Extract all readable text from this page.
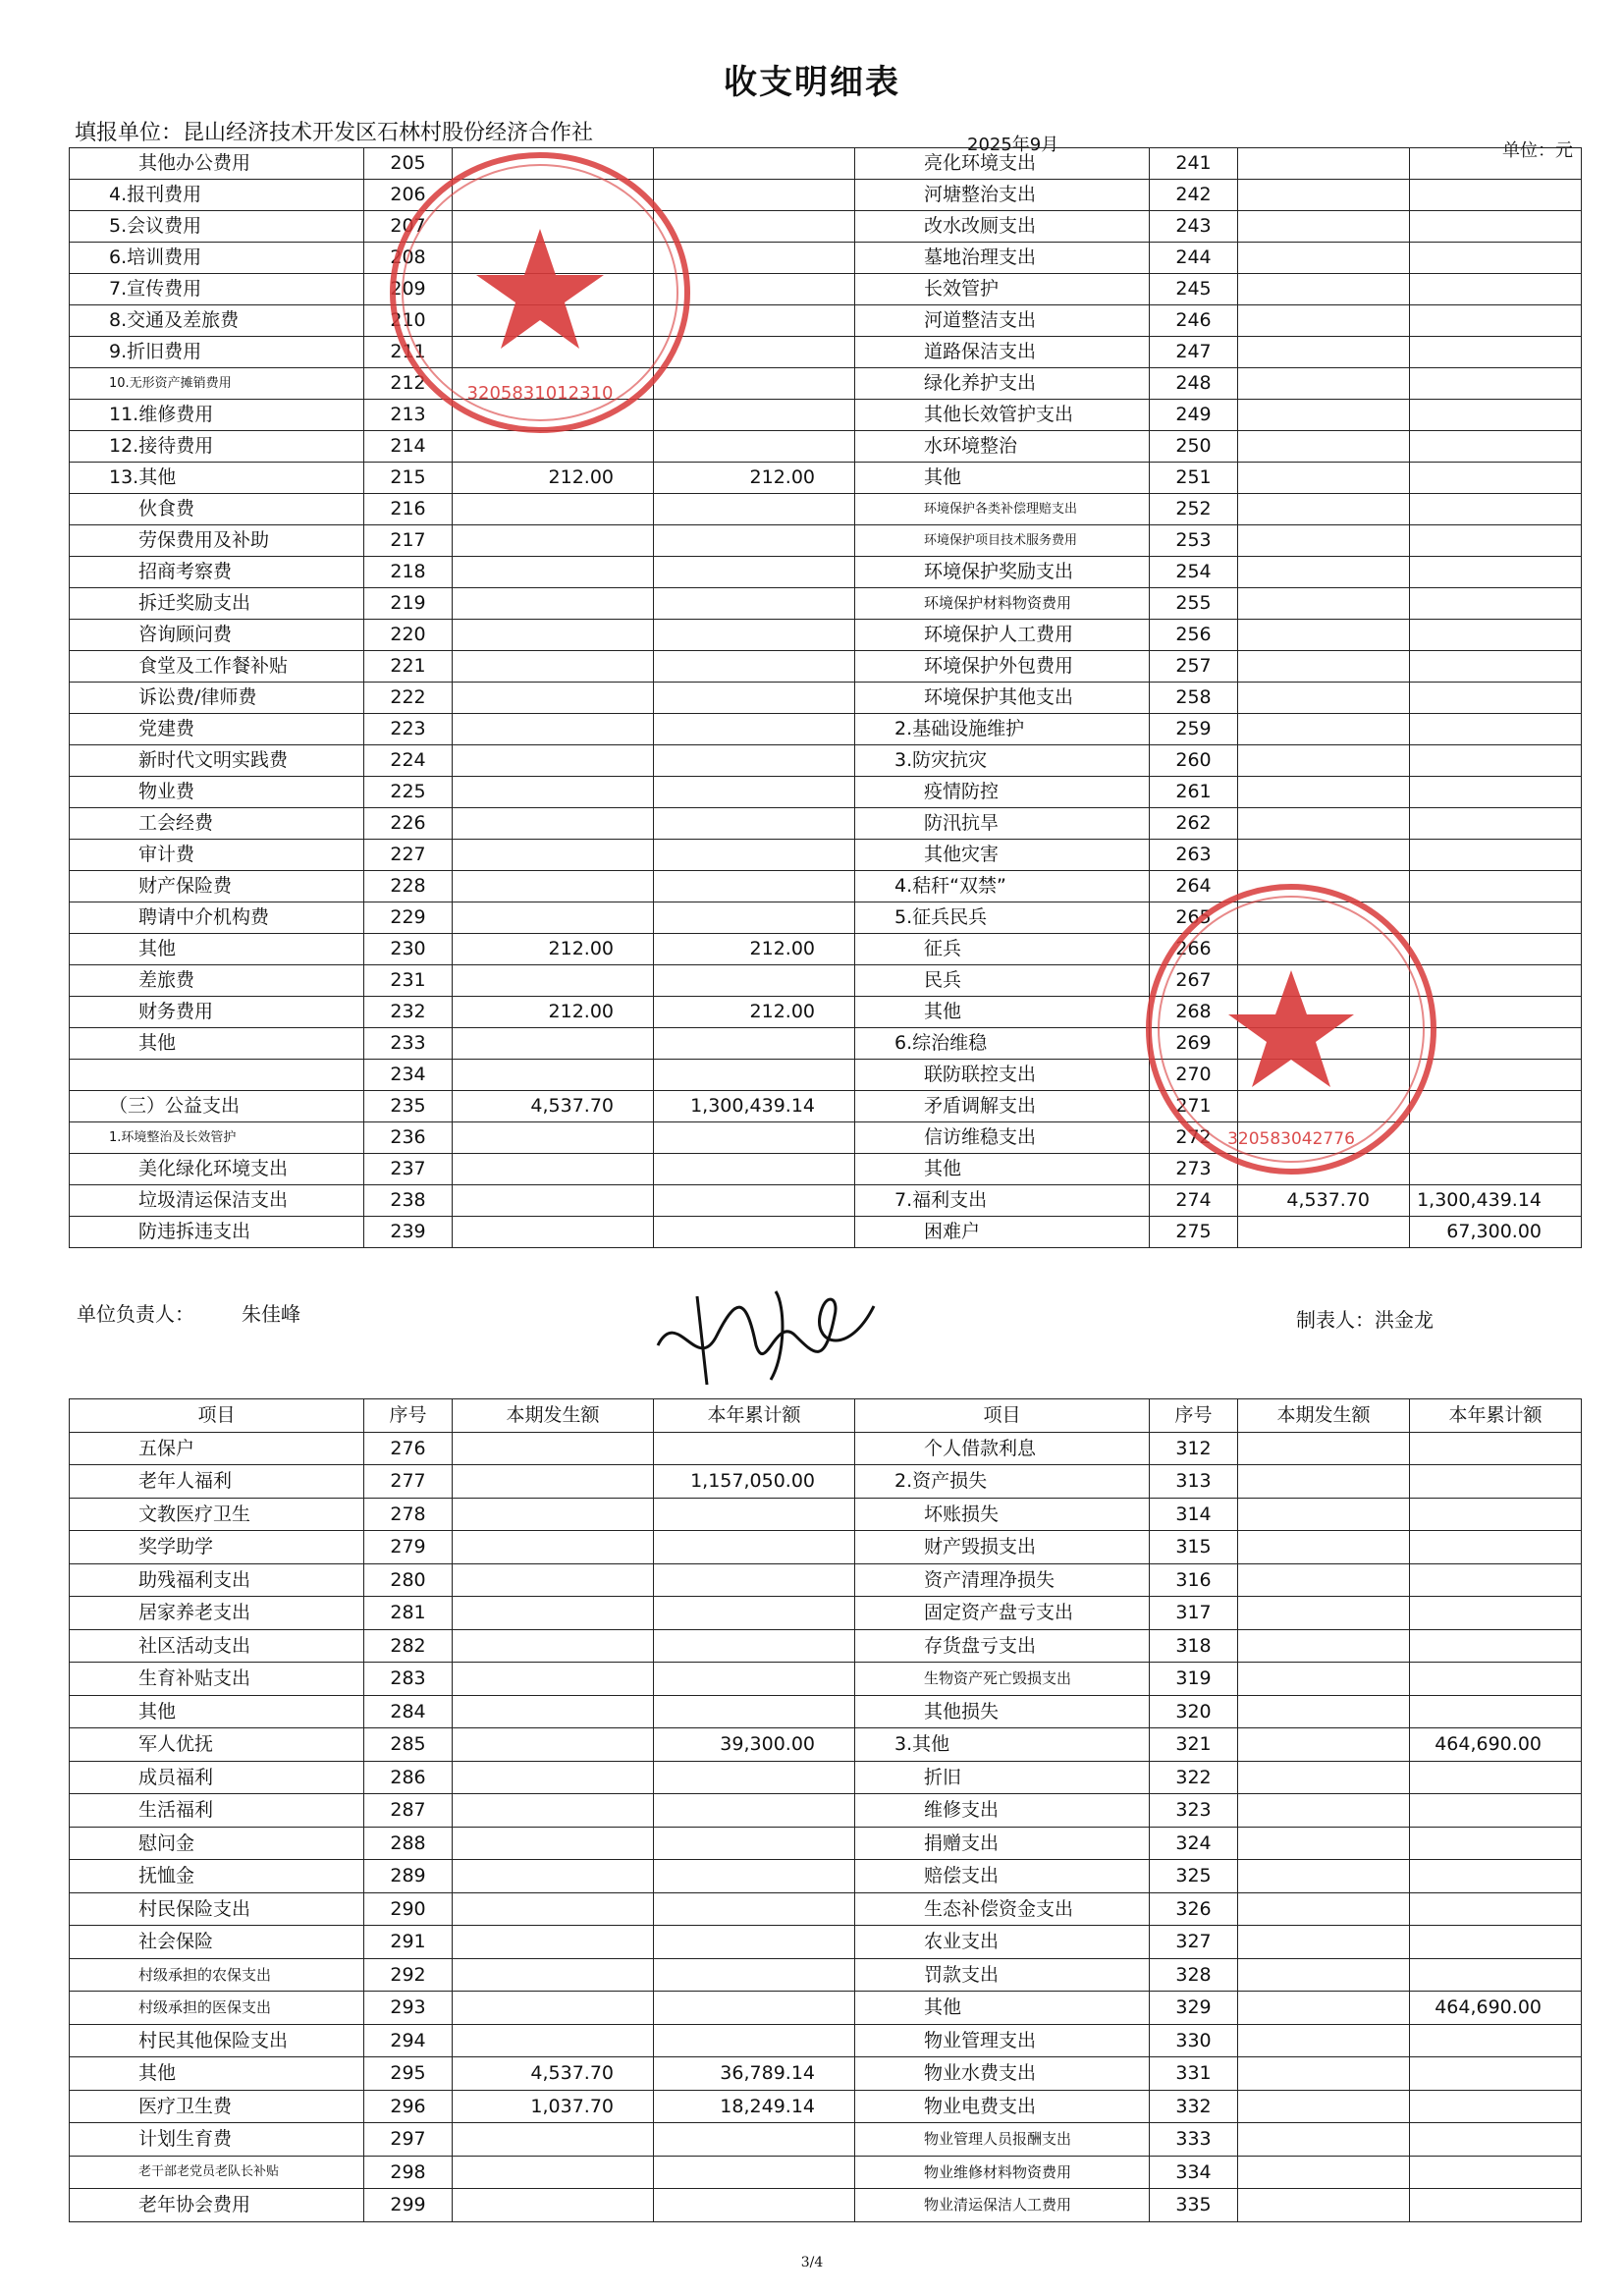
收支明细表
填报单位：昆山经济技术开发区石林村股份经济合作社	2025年9月	单位：元
其他办公费用	205			亮化环境支出	241		
4.报刊费用	206			河塘整治支出	242		
5.会议费用	207			改水改厕支出	243		
6.培训费用	208			墓地治理支出	244		
7.宣传费用	209			长效管护	245		
8.交通及差旅费	210			河道整洁支出	246		
9.折旧费用	211			道路保洁支出	247		
10.无形资产摊销费用	212			绿化养护支出	248		
11.维修费用	213			其他长效管护支出	249		
12.接待费用	214			水环境整治	250		
13.其他	215	212.00	212.00	其他	251		
伙食费	216			环境保护各类补偿理赔支出	252		
劳保费用及补助	217			环境保护项目技术服务费用	253		
招商考察费	218			环境保护奖励支出	254		
拆迁奖励支出	219			环境保护材料物资费用	255		
咨询顾问费	220			环境保护人工费用	256		
食堂及工作餐补贴	221			环境保护外包费用	257		
诉讼费/律师费	222			环境保护其他支出	258		
党建费	223			2.基础设施维护	259		
新时代文明实践费	224			3.防灾抗灾	260		
物业费	225			疫情防控	261		
工会经费	226			防汛抗旱	262		
审计费	227			其他灾害	263		
财产保险费	228			4.秸秆“双禁”	264		
聘请中介机构费	229			5.征兵民兵	265		
其他	230	212.00	212.00	征兵	266		
差旅费	231			民兵	267		
财务费用	232	212.00	212.00	其他	268		
其他	233			6.综治维稳	269		
	234			联防联控支出	270		
（三）公益支出	235	4,537.70	1,300,439.14	矛盾调解支出	271		
1.环境整治及长效管护	236			信访维稳支出	272		
美化绿化环境支出	237			其他	273		
垃圾清运保洁支出	238			7.福利支出	274	4,537.70	1,300,439.14
防违拆违支出	239			困难户	275		67,300.00
单位负责人： 朱佳峰	制表人：洪金龙
项目	序号	本期发生额	本年累计额	项目	序号	本期发生额	本年累计额
五保户	276			个人借款利息	312		
老年人福利	277		1,157,050.00	2.资产损失	313		
文教医疗卫生	278			坏账损失	314		
奖学助学	279			财产毁损支出	315		
助残福利支出	280			资产清理净损失	316		
居家养老支出	281			固定资产盘亏支出	317		
社区活动支出	282			存货盘亏支出	318		
生育补贴支出	283			生物资产死亡毁损支出	319		
其他	284			其他损失	320		
军人优抚	285		39,300.00	3.其他	321		464,690.00
成员福利	286			折旧	322		
生活福利	287			维修支出	323		
慰问金	288			捐赠支出	324		
抚恤金	289			赔偿支出	325		
村民保险支出	290			生态补偿资金支出	326		
社会保险	291			农业支出	327		
村级承担的农保支出	292			罚款支出	328		
村级承担的医保支出	293			其他	329		464,690.00
村民其他保险支出	294			物业管理支出	330		
其他	295	4,537.70	36,789.14	物业水费支出	331		
医疗卫生费	296	1,037.70	18,249.14	物业电费支出	332		
计划生育费	297			物业管理人员报酬支出	333		
老干部老党员老队长补贴	298			物业维修材料物资费用	334		
老年协会费用	299			物业清运保洁人工费用	335		
3205831012310
320583042776
3/4
